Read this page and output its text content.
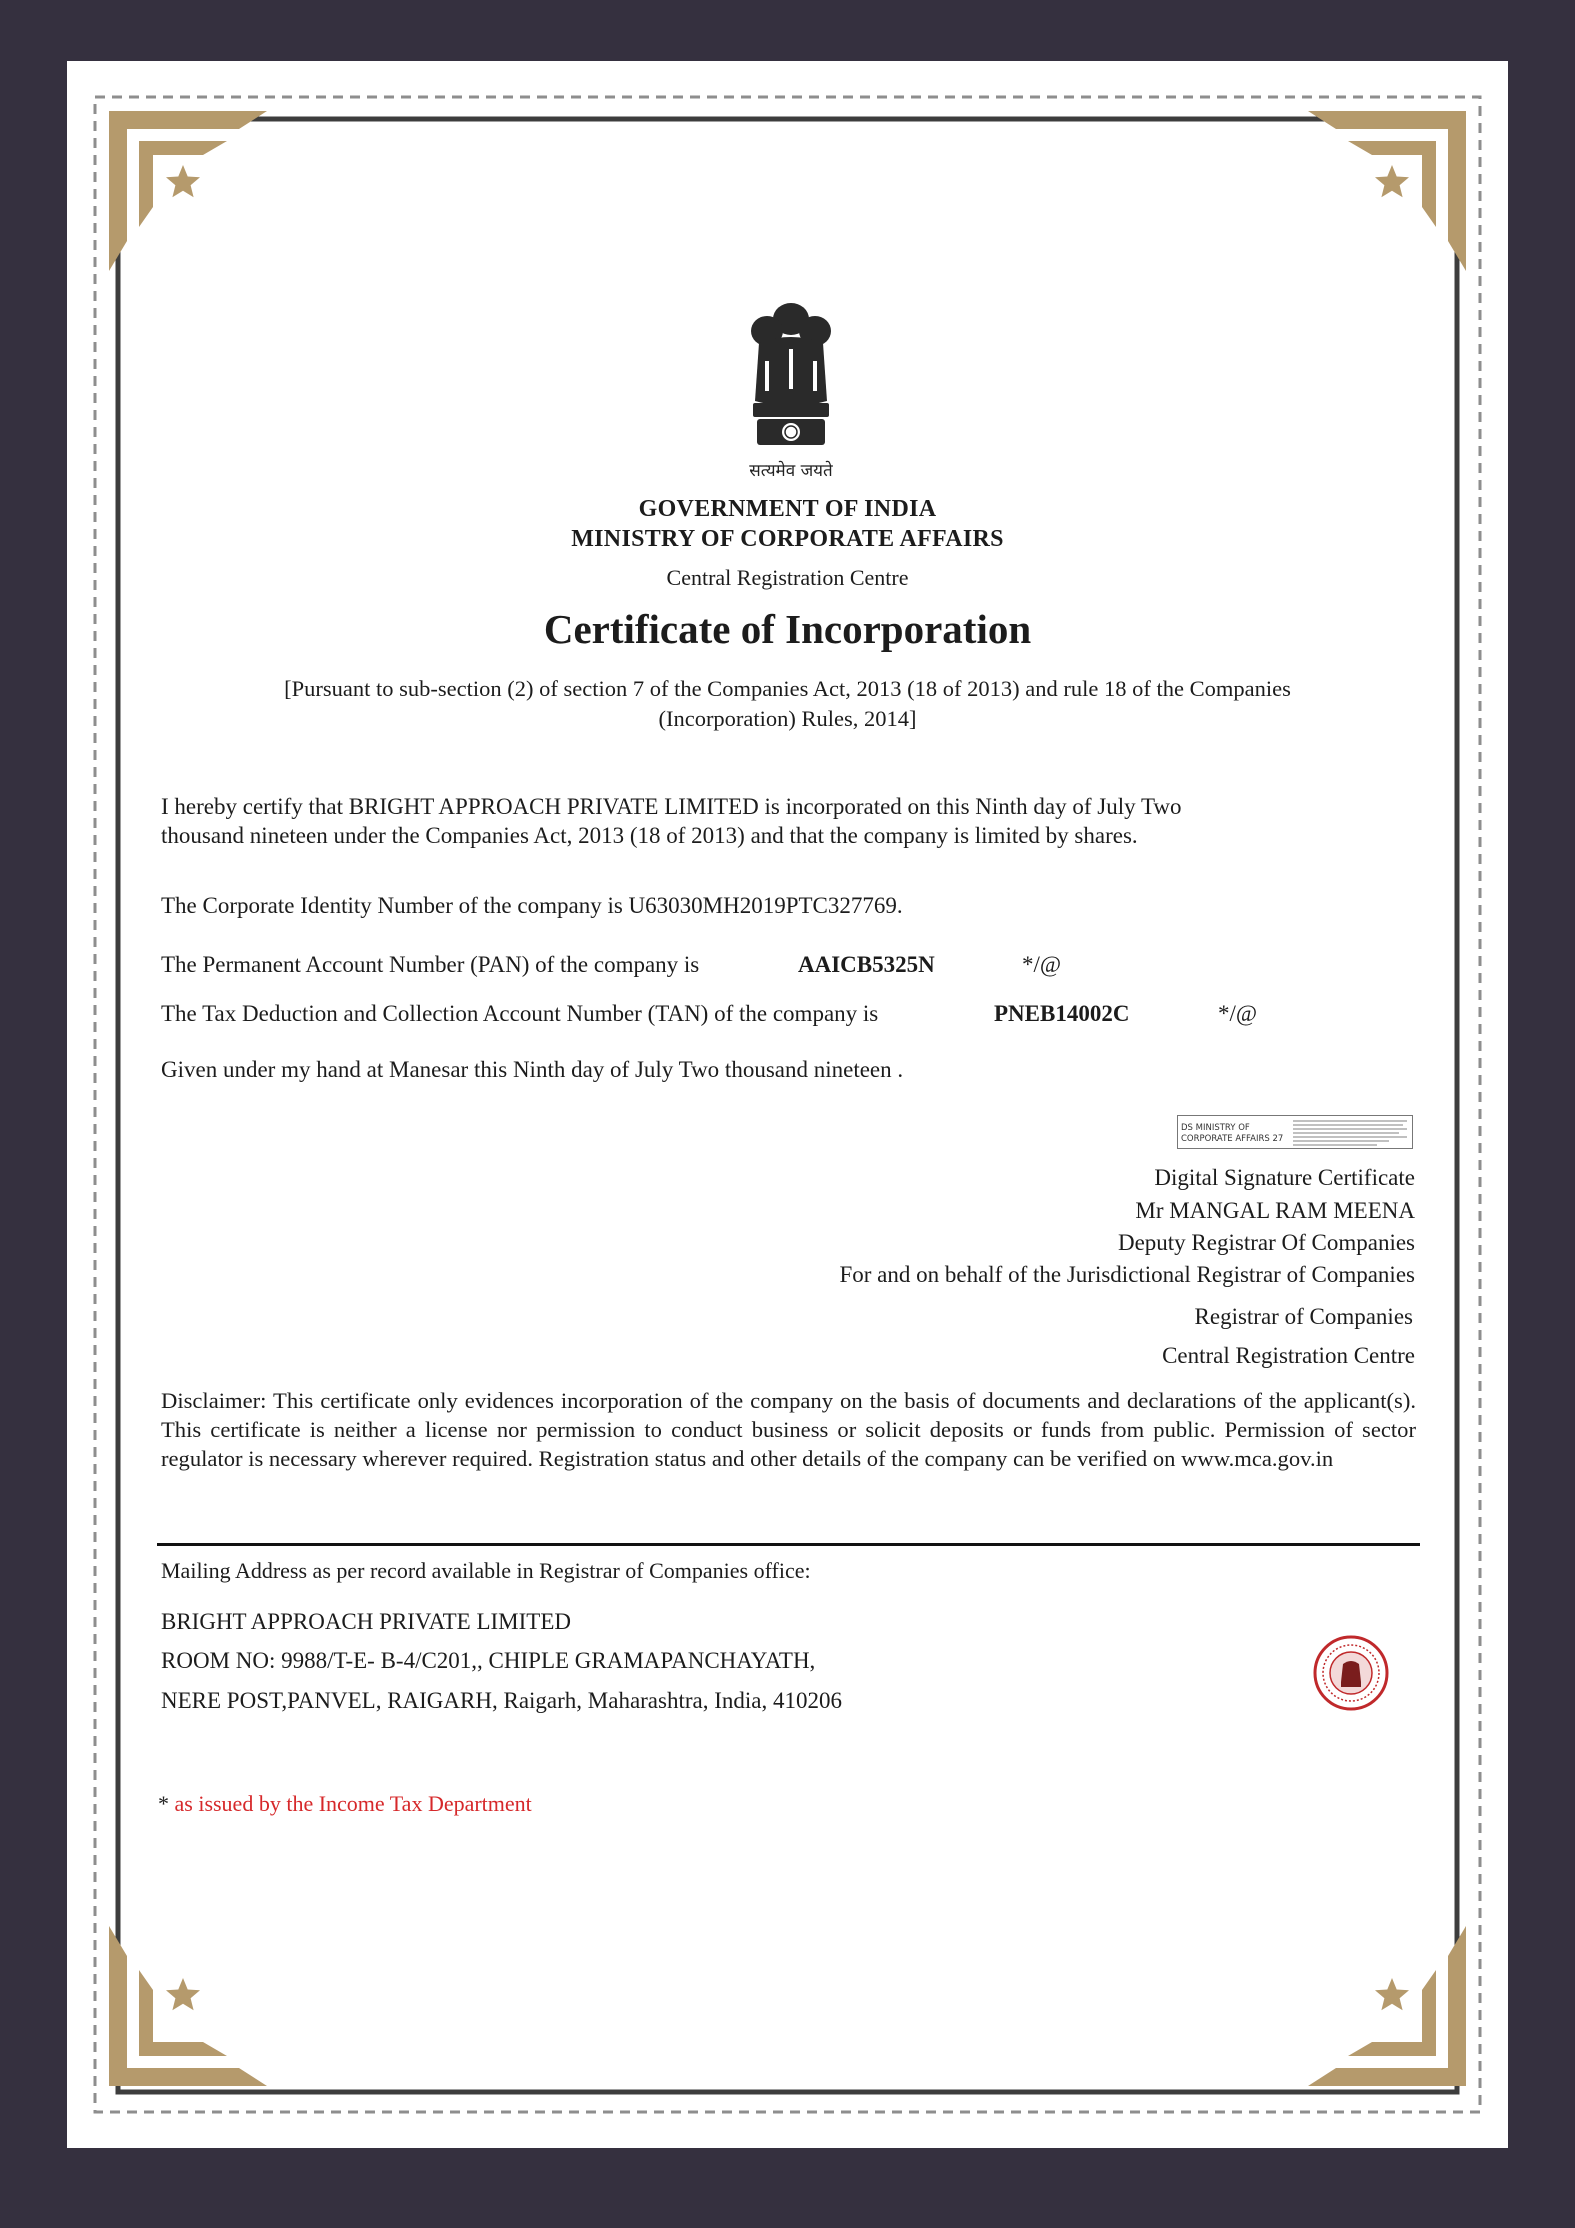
सत्यमेव जयते

GOVERNMENT OF INDIA

MINISTRY OF CORPORATE AFFAIRS

Central Registration Centre

Certificate of Incorporation

[Pursuant to sub-section (2) of section 7 of the Companies Act, 2013 (18 of 2013) and rule 18 of the Companies

(Incorporation) Rules, 2014]

I hereby certify that BRIGHT APPROACH PRIVATE LIMITED is incorporated on this Ninth day of July Two

thousand nineteen under the Companies Act, 2013 (18 of 2013) and that the company is limited by shares.

The Corporate Identity Number of the company is U63030MH2019PTC327769.

The Permanent Account Number (PAN) of the company is	AAICB5325N	*/@

The Tax Deduction and Collection Account Number (TAN) of the company is	PNEB14002C	*/@

Given under my hand at Manesar this Ninth day of July Two thousand nineteen .

DS MINISTRY OF
CORPORATE AFFAIRS 27

Digital Signature Certificate

Mr MANGAL RAM MEENA

Deputy Registrar Of Companies

For and on behalf of the Jurisdictional Registrar of Companies

Registrar of Companies

Central Registration Centre

Disclaimer: This certificate only evidences incorporation of the company on the basis of documents and declarations of the applicant(s). This certificate is neither a license nor permission to conduct business or solicit deposits or funds from public. Permission of sector regulator is necessary wherever required. Registration status and other details of the company can be verified on www.mca.gov.in

Mailing Address as per record available in Registrar of Companies office:

BRIGHT APPROACH PRIVATE LIMITED

ROOM NO: 9988/T-E- B-4/C201,, CHIPLE GRAMAPANCHAYATH,

NERE POST,PANVEL, RAIGARH, Raigarh, Maharashtra, India, 410206

* as issued by the Income Tax Department
